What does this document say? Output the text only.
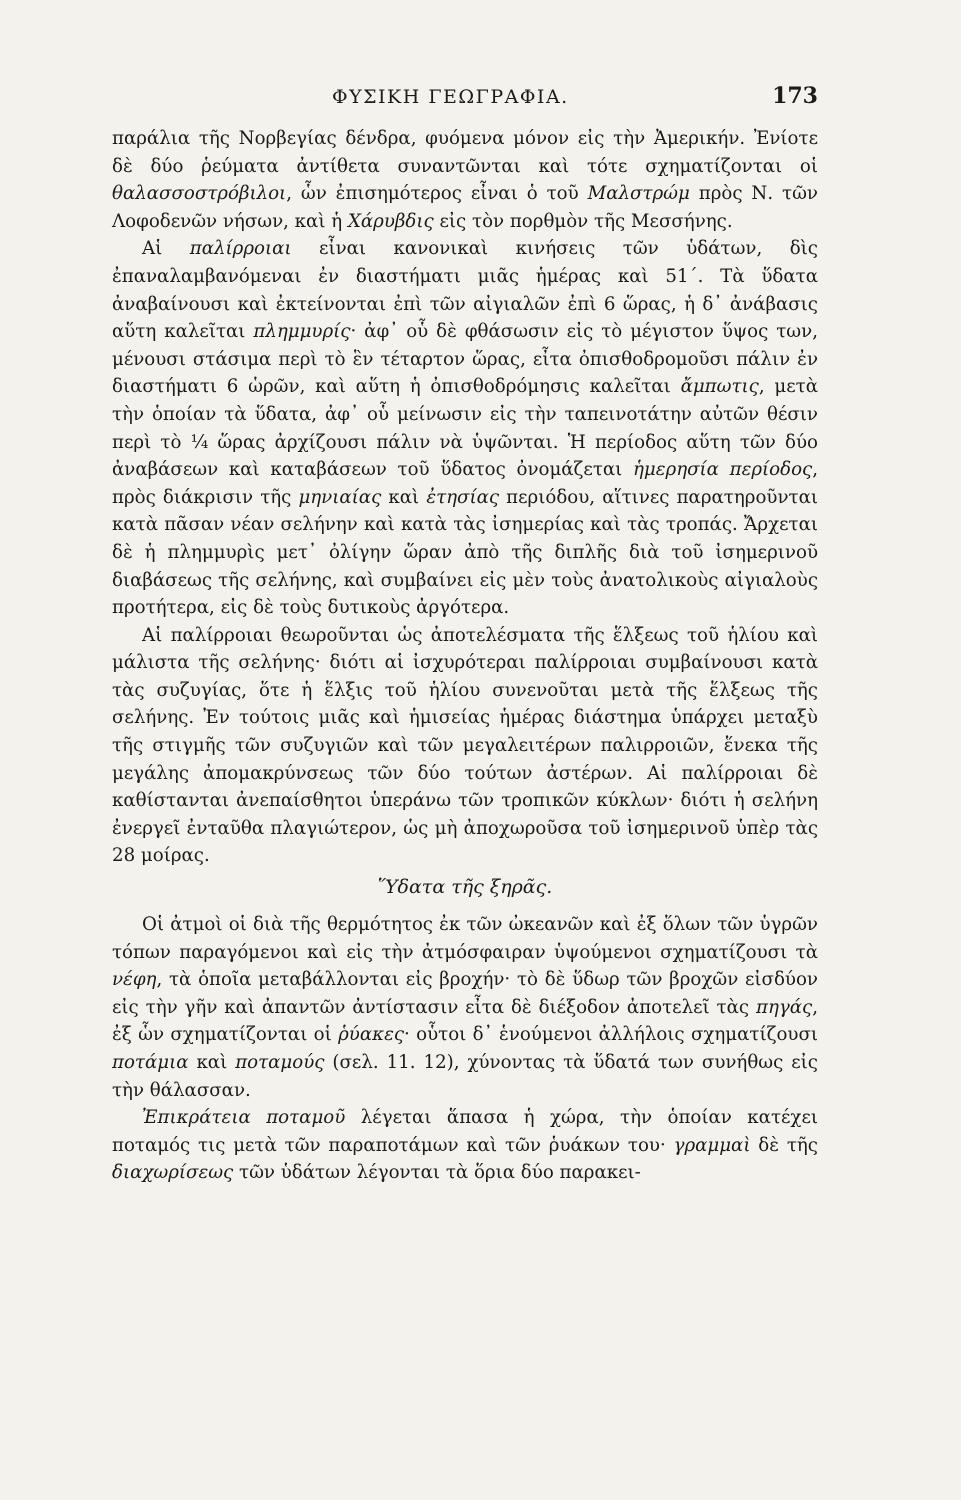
ΦΥΣΙΚΗ ΓΕΩΓΡΑΦΙΑ.	173

παράλια τῆς Νορβεγίας δένδρα, φυόμενα μόνον εἰς τὴν Ἀμερικήν. Ἐνίοτε δὲ δύο ῥεύματα ἀντίθετα συναντῶνται καὶ τότε σχηματίζονται οἱ θαλασσοστρόβιλοι, ὧν ἐπισημότερος εἶναι ὁ τοῦ Μαλστρώμ πρὸς Ν. τῶν Λοφοδενῶν νήσων, καὶ ἡ Χάρυβδις εἰς τὸν πορθμὸν τῆς Μεσσήνης.

Αἱ παλίρροιαι εἶναι κανονικαὶ κινήσεις τῶν ὑδάτων, δὶς ἐπαναλαμβανόμεναι ἐν διαστήματι μιᾶς ἡμέρας καὶ 51΄. Τὰ ὕδατα ἀναβαίνουσι καὶ ἐκτείνονται ἐπὶ τῶν αἰγιαλῶν ἐπὶ 6 ὥρας, ἡ δ᾽ ἀνάβασις αὕτη καλεῖται πλημμυρίς· ἀφ᾽ οὗ δὲ φθάσωσιν εἰς τὸ μέγιστον ὕψος των, μένουσι στάσιμα περὶ τὸ ἓν τέταρτον ὥρας, εἶτα ὀπισθοδρομοῦσι πάλιν ἐν διαστήματι 6 ὡρῶν, καὶ αὕτη ἡ ὀπισθοδρόμησις καλεῖται ἄμπωτις, μετὰ τὴν ὁποίαν τὰ ὕδατα, ἀφ᾽ οὗ μείνωσιν εἰς τὴν ταπεινοτάτην αὐτῶν θέσιν περὶ τὸ ¼ ὥρας ἀρχίζουσι πάλιν νὰ ὑψῶνται. Ἡ περίοδος αὕτη τῶν δύο ἀναβάσεων καὶ καταβάσεων τοῦ ὕδατος ὀνομάζεται ἡμερησία περίοδος, πρὸς διάκρισιν τῆς μηνιαίας καὶ ἐτησίας περιόδου, αἵτινες παρατηροῦνται κατὰ πᾶσαν νέαν σελήνην καὶ κατὰ τὰς ἰσημερίας καὶ τὰς τροπάς. Ἄρχεται δὲ ἡ πλημμυρὶς μετ᾽ ὀλίγην ὥραν ἀπὸ τῆς διπλῆς διὰ τοῦ ἰσημερινοῦ διαβάσεως τῆς σελήνης, καὶ συμβαίνει εἰς μὲν τοὺς ἀνατολικοὺς αἰγιαλοὺς προτήτερα, εἰς δὲ τοὺς δυτικοὺς ἀργότερα.

Αἱ παλίρροιαι θεωροῦνται ὡς ἀποτελέσματα τῆς ἕλξεως τοῦ ἡλίου καὶ μάλιστα τῆς σελήνης· διότι αἱ ἰσχυρότεραι παλίρροιαι συμβαίνουσι κατὰ τὰς συζυγίας, ὅτε ἡ ἕλξις τοῦ ἡλίου συνενοῦται μετὰ τῆς ἕλξεως τῆς σελήνης. Ἐν τούτοις μιᾶς καὶ ἡμισείας ἡμέρας διάστημα ὑπάρχει μεταξὺ τῆς στιγμῆς τῶν συζυγιῶν καὶ τῶν μεγαλειτέρων παλιρροιῶν, ἕνεκα τῆς μεγάλης ἀπομακρύνσεως τῶν δύο τούτων ἀστέρων. Αἱ παλίρροιαι δὲ καθίστανται ἀνεπαίσθητοι ὑπεράνω τῶν τροπικῶν κύκλων· διότι ἡ σελήνη ἐνεργεῖ ἐνταῦθα πλαγιώτερον, ὡς μὴ ἀποχωροῦσα τοῦ ἰσημερινοῦ ὑπὲρ τὰς 28 μοίρας.

Ὕδατα τῆς ξηρᾶς.

Οἱ ἀτμοὶ οἱ διὰ τῆς θερμότητος ἐκ τῶν ὠκεανῶν καὶ ἐξ ὅλων τῶν ὑγρῶν τόπων παραγόμενοι καὶ εἰς τὴν ἀτμόσφαιραν ὑψούμενοι σχηματίζουσι τὰ νέφη, τὰ ὁποῖα μεταβάλλονται εἰς βροχήν· τὸ δὲ ὕδωρ τῶν βροχῶν εἰσδύον εἰς τὴν γῆν καὶ ἀπαντῶν ἀντίστασιν εἶτα δὲ διέξοδον ἀποτελεῖ τὰς πηγάς, ἐξ ὧν σχηματίζονται οἱ ῥύακες· οὗτοι δ᾽ ἑνούμενοι ἀλλήλοις σχηματίζουσι ποτάμια καὶ ποταμούς (σελ. 11. 12), χύνοντας τὰ ὕδατά των συνήθως εἰς τὴν θάλασσαν.

Ἐπικράτεια ποταμοῦ λέγεται ἅπασα ἡ χώρα, τὴν ὁποίαν κατέχει ποταμός τις μετὰ τῶν παραποτάμων καὶ τῶν ῥυάκων του· γραμμαὶ δὲ τῆς διαχωρίσεως τῶν ὑδάτων λέγονται τὰ ὅρια δύο παρακει-
